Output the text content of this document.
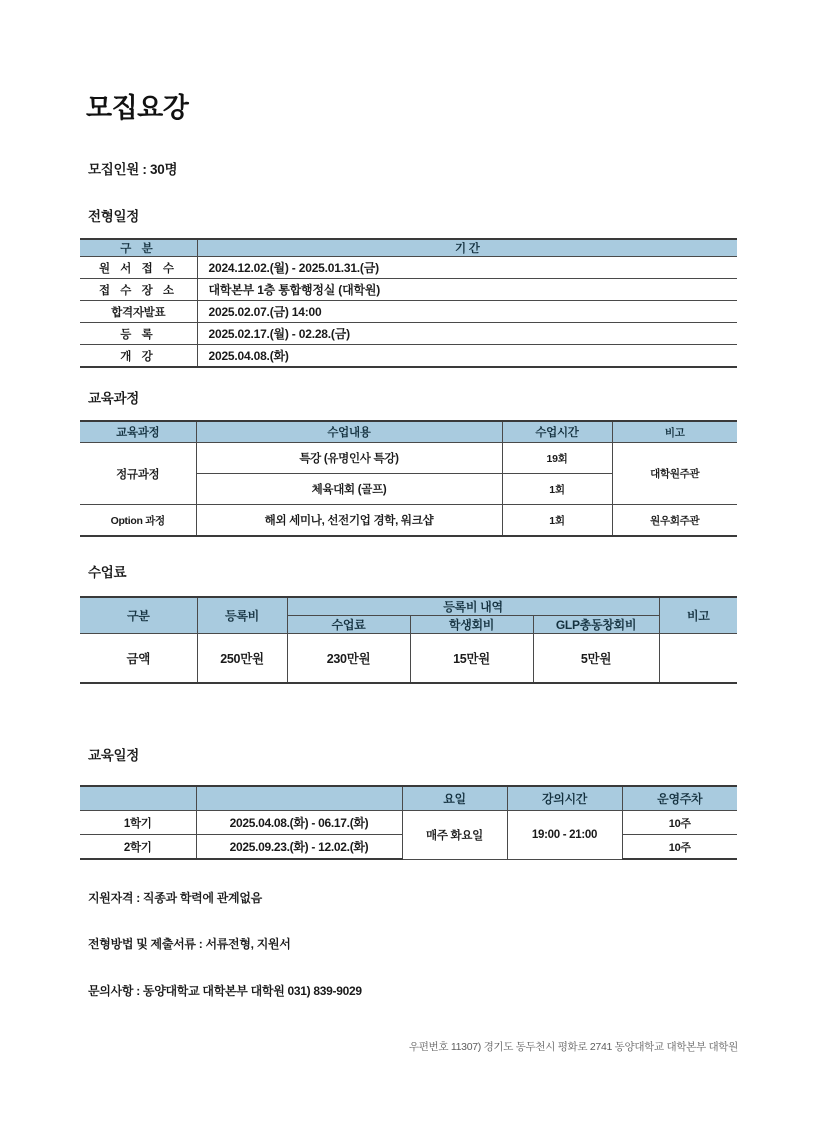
모집요강
모집인원 : 30명
전형일정
구 분	기 간
원 서 접 수	2024.12.02.(월) - 2025.01.31.(금)
접 수 장 소	대학본부 1층 통합행정실 (대학원)
합격자발표	2025.02.07.(금) 14:00
등 록	2025.02.17.(월) - 02.28.(금)
개 강	2025.04.08.(화)
교육과정
교육과정	수업내용	수업시간	비고
정규과정	특강 (유명인사 특강)	19회	대학원주관
	체육대회 (골프)	1회	
Option 과정	해외 세미나, 선전기업 경학, 워크샵	1회	원우회주관
수업료
구분	등록비	등록비 내역			비고
		수업료	학생회비	GLP총동창회비	
금액	250만원	230만원	15만원	5만원	
교육일정
		요일	강의시간	운영주차
1학기	2025.04.08.(화) - 06.17.(화)	매주 화요일	19:00 - 21:00	10주
2학기	2025.09.23.(화) - 12.02.(화)			10주
지원자격 : 직종과 학력에 관계없음
전형방법 및 제출서류 : 서류전형, 지원서
문의사항 : 동양대학교 대학본부 대학원 031) 839-9029
우편번호 11307) 경기도 동두천시 평화로 2741 동양대학교 대학본부 대학원
